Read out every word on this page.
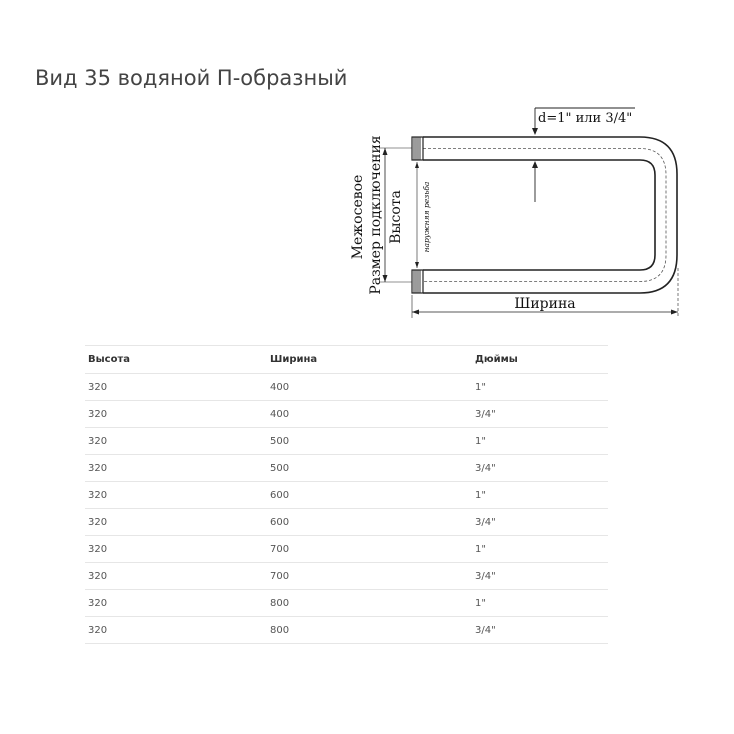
Вид 35 водяной П-образный
d=1" или 3/4"
Ширина
Межосевое Размер подключения Высота наружняя резьба
Высота	Ширина	Дюймы
320	400	1"
320	400	3/4"
320	500	1"
320	500	3/4"
320	600	1"
320	600	3/4"
320	700	1"
320	700	3/4"
320	800	1"
320	800	3/4"
